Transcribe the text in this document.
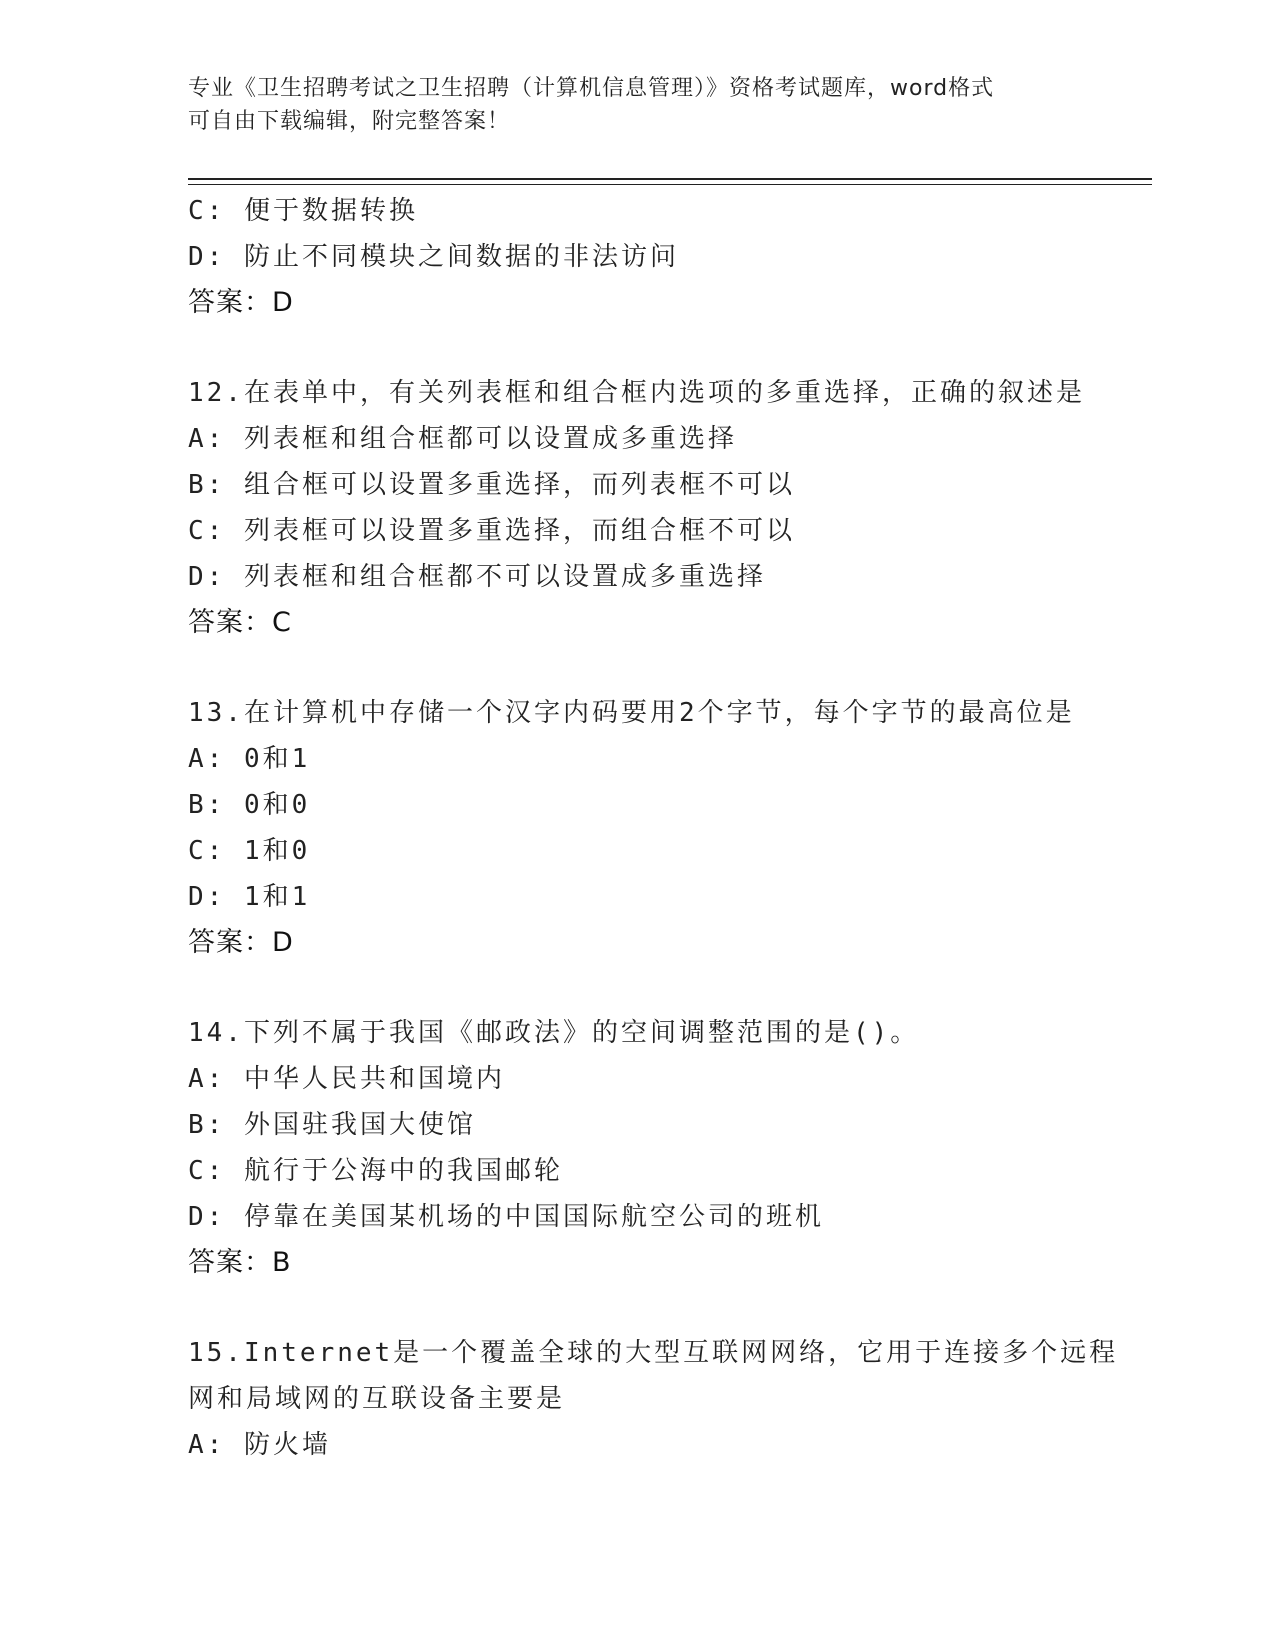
专业《卫生招聘考试之卫生招聘（计算机信息管理）》资格考试题库，word格式
可自由下载编辑，附完整答案！
C: 便于数据转换
D: 防止不同模块之间数据的非法访问
答案：D
12.在表单中，有关列表框和组合框内选项的多重选择，正确的叙述是
A: 列表框和组合框都可以设置成多重选择
B: 组合框可以设置多重选择，而列表框不可以
C: 列表框可以设置多重选择，而组合框不可以
D: 列表框和组合框都不可以设置成多重选择
答案：C
13.在计算机中存储一个汉字内码要用2个字节，每个字节的最高位是
A: 0和1
B: 0和0
C: 1和0
D: 1和1
答案：D
14.下列不属于我国《邮政法》的空间调整范围的是()。
A: 中华人民共和国境内
B: 外国驻我国大使馆
C: 航行于公海中的我国邮轮
D: 停靠在美国某机场的中国国际航空公司的班机
答案：B
15.Internet是一个覆盖全球的大型互联网网络，它用于连接多个远程
网和局域网的互联设备主要是
A: 防火墙
